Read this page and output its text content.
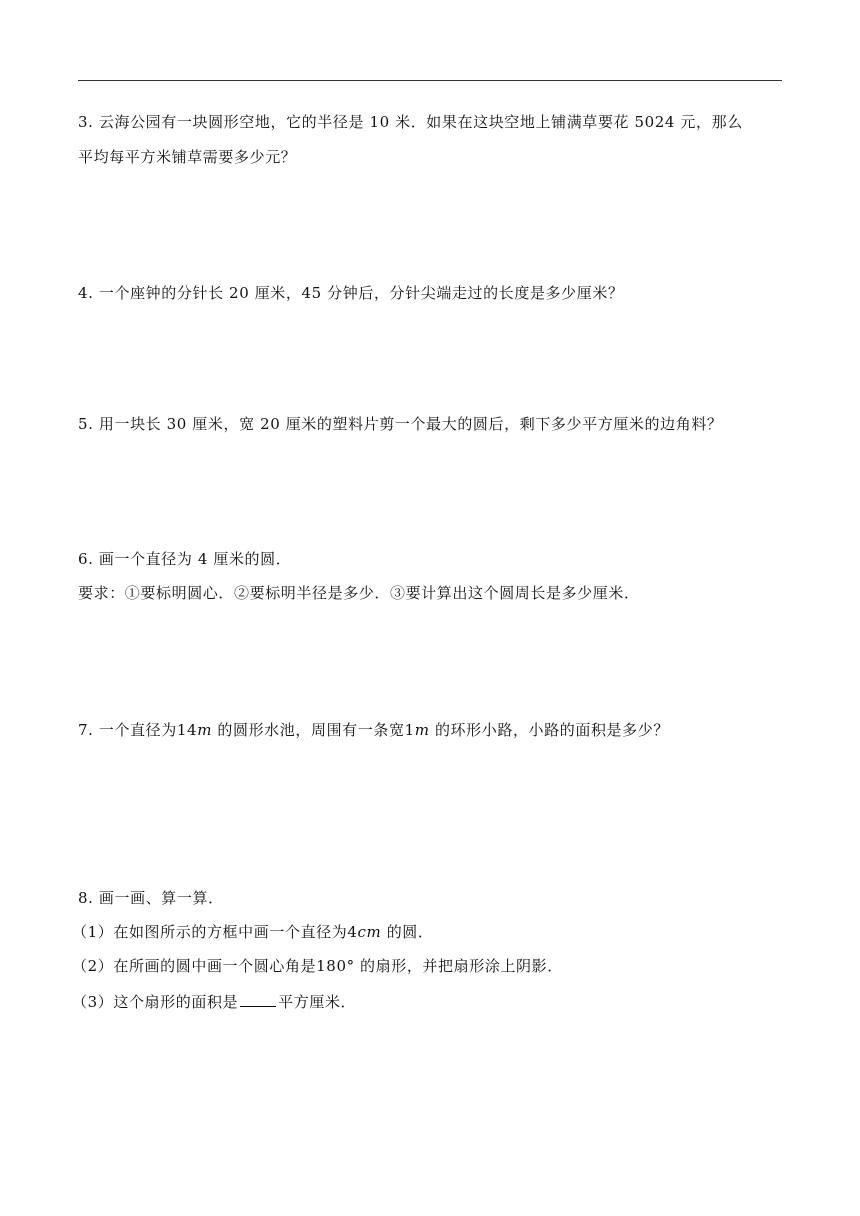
3. 云海公园有一块圆形空地，它的半径是 10 米．如果在这块空地上铺满草要花 5024 元，那么
平均每平方米铺草需要多少元？
4. 一个座钟的分针长 20 厘米，45 分钟后，分针尖端走过的长度是多少厘米？
5. 用一块长 30 厘米，宽 20 厘米的塑料片剪一个最大的圆后，剩下多少平方厘米的边角料？
6. 画一个直径为 4 厘米的圆．
要求：①要标明圆心．②要标明半径是多少．③要计算出这个圆周长是多少厘米．
7. 一个直径为14m 的圆形水池，周围有一条宽1m 的环形小路，小路的面积是多少？
8. 画一画、算一算．
（1）在如图所示的方框中画一个直径为4cm 的圆．
（2）在所画的圆中画一个圆心角是180° 的扇形，并把扇形涂上阴影．
（3）这个扇形的面积是	平方厘米．
